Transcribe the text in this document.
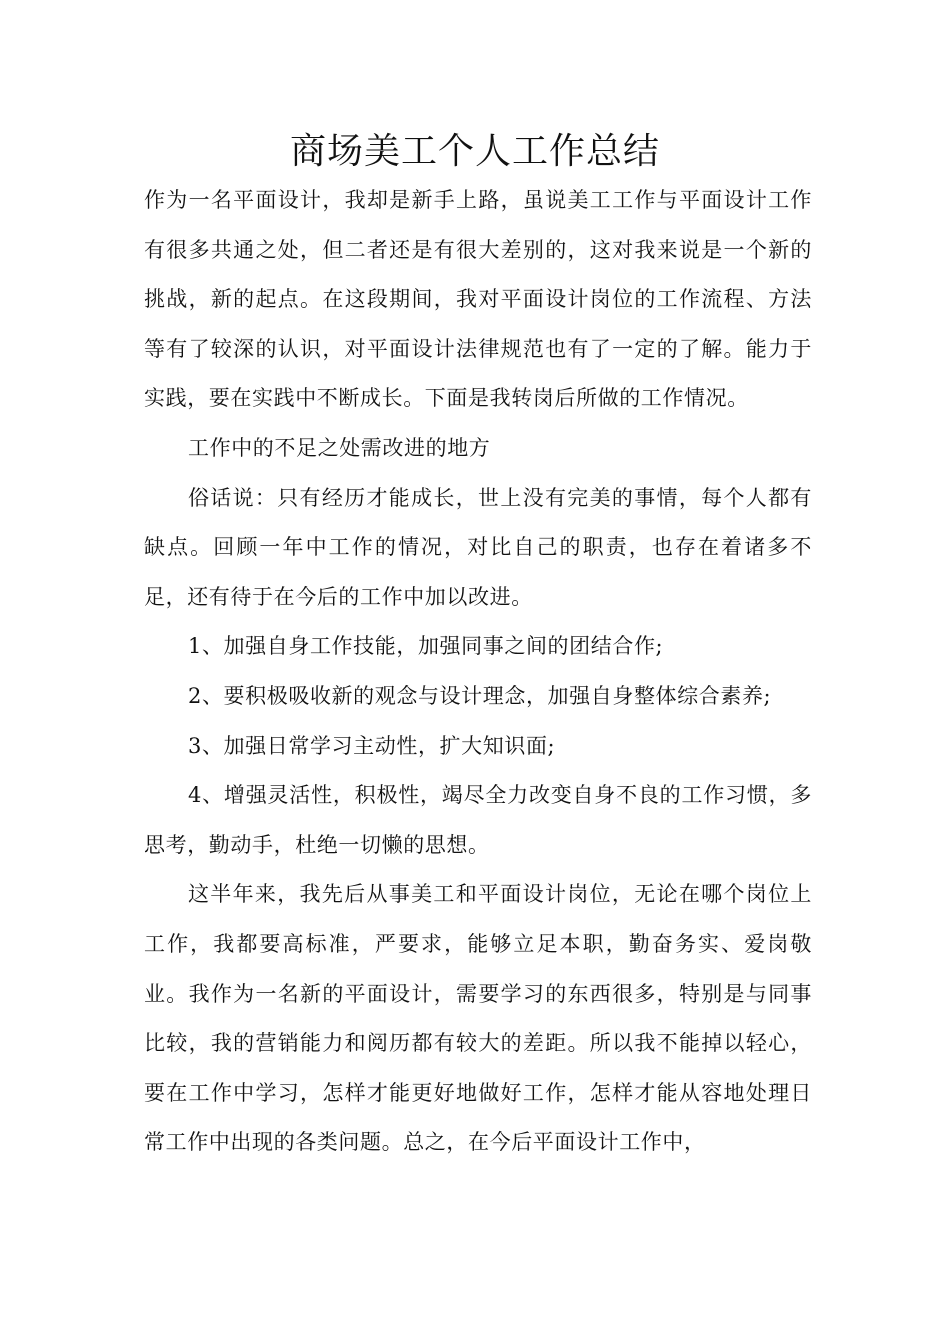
商场美工个人工作总结

作为一名平面设计，我却是新手上路，虽说美工工作与平面设计工作有很多共通之处，但二者还是有很大差别的，这对我来说是一个新的挑战，新的起点。在这段期间，我对平面设计岗位的工作流程、方法等有了较深的认识，对平面设计法律规范也有了一定的了解。能力于实践，要在实践中不断成长。下面是我转岗后所做的工作情况。

工作中的不足之处需改进的地方

俗话说：只有经历才能成长，世上没有完美的事情，每个人都有缺点。回顾一年中工作的情况，对比自己的职责，也存在着诸多不足，还有待于在今后的工作中加以改进。

1、加强自身工作技能，加强同事之间的团结合作;

2、要积极吸收新的观念与设计理念，加强自身整体综合素养;

3、加强日常学习主动性，扩大知识面;

4、增强灵活性，积极性，竭尽全力改变自身不良的工作习惯，多思考，勤动手，杜绝一切懒的思想。

这半年来，我先后从事美工和平面设计岗位，无论在哪个岗位上工作，我都要高标准，严要求，能够立足本职，勤奋务实、爱岗敬业。我作为一名新的平面设计，需要学习的东西很多，特别是与同事比较，我的营销能力和阅历都有较大的差距。所以我不能掉以轻心，要在工作中学习，怎样才能更好地做好工作，怎样才能从容地处理日常工作中出现的各类问题。总之，在今后平面设计工作中，
